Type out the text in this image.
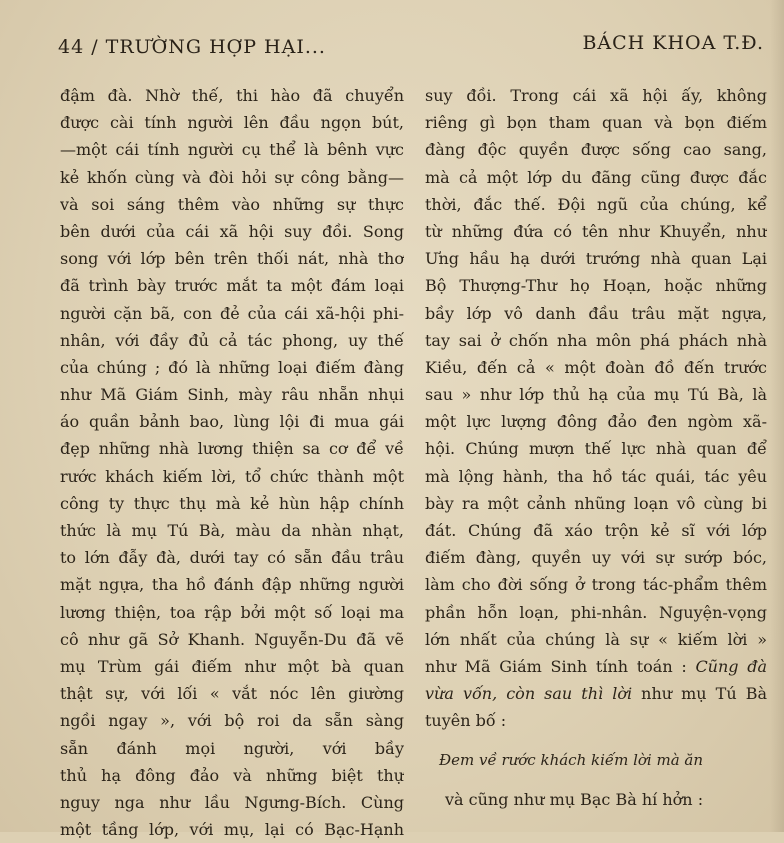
44 / TRƯỜNG HỢP HẠI...	BÁCH KHOA T.Đ.
đậm đà. Nhờ thế, thi hào đã chuyển
được cài tính người lên đầu ngọn bút,
—một cái tính người cụ thể là bênh vực
kẻ khốn cùng và đòi hỏi sự công bằng—
và soi sáng thêm vào những sự thực
bên dưới của cái xã hội suy đồi. Song
song với lớp bên trên thối nát, nhà thơ
đã trình bày trước mắt ta một đám loại
người cặn bã, con đẻ của cái xã-hội phi-
nhân, với đầy đủ cả tác phong, uy thế
của chúng ; đó là những loại điếm đàng
như Mã Giám Sinh, mày râu nhẵn nhụi
áo quần bảnh bao, lùng lội đi mua gái
đẹp những nhà lương thiện sa cơ để về
rước khách kiếm lời, tổ chức thành một
công ty thực thụ mà kẻ hùn hập chính
thức là mụ Tú Bà, màu da nhàn nhạt,
to lớn đẫy đà, dưới tay có sẵn đầu trâu
mặt ngựa, tha hồ đánh đập những người
lương thiện, toa rập bởi một số loại ma
cô như gã Sở Khanh. Nguyễn-Du đã vẽ
mụ Trùm gái điếm như một bà quan
thật sự, với lối « vắt nóc lên giường
ngồi ngay », với bộ roi da sẵn sàng
sẵn đánh mọi người, với bầy
thủ hạ đông đảo và những biệt thự
nguy nga như lầu Ngưng-Bích. Cùng
một tầng lớp, với mụ, lại có Bạc-Hạnh
suy đồi. Trong cái xã hội ấy, không
riêng gì bọn tham quan và bọn điếm
đàng độc quyền được sống cao sang,
mà cả một lớp du đãng cũng được đắc
thời, đắc thế. Đội ngũ của chúng, kể
từ những đứa có tên như Khuyển, như
Ưng hầu hạ dưới trướng nhà quan Lại
Bộ Thượng-Thư họ Hoạn, hoặc những
bầy lớp vô danh đầu trâu mặt ngựa,
tay sai ở chốn nha môn phá phách nhà
Kiều, đến cả « một đoàn đồ đến trước
sau » như lớp thủ hạ của mụ Tú Bà, là
một lực lượng đông đảo đen ngòm xã-
hội. Chúng mượn thế lực nhà quan để
mà lộng hành, tha hồ tác quái, tác yêu
bày ra một cảnh nhũng loạn vô cùng bi
đát. Chúng đã xáo trộn kẻ sĩ với lớp
điếm đàng, quyền uy với sự sướp bóc,
làm cho đời sống ở trong tác-phẩm thêm
phần hỗn loạn, phi-nhân. Nguyện-vọng
lớn nhất của chúng là sự « kiếm lời »
như Mã Giám Sinh tính toán : Cũng đà
vừa vốn, còn sau thì lời như mụ Tú Bà
tuyên bố :
Đem về rước khách kiếm lời mà ăn
và cũng như mụ Bạc Bà hí hởn :
